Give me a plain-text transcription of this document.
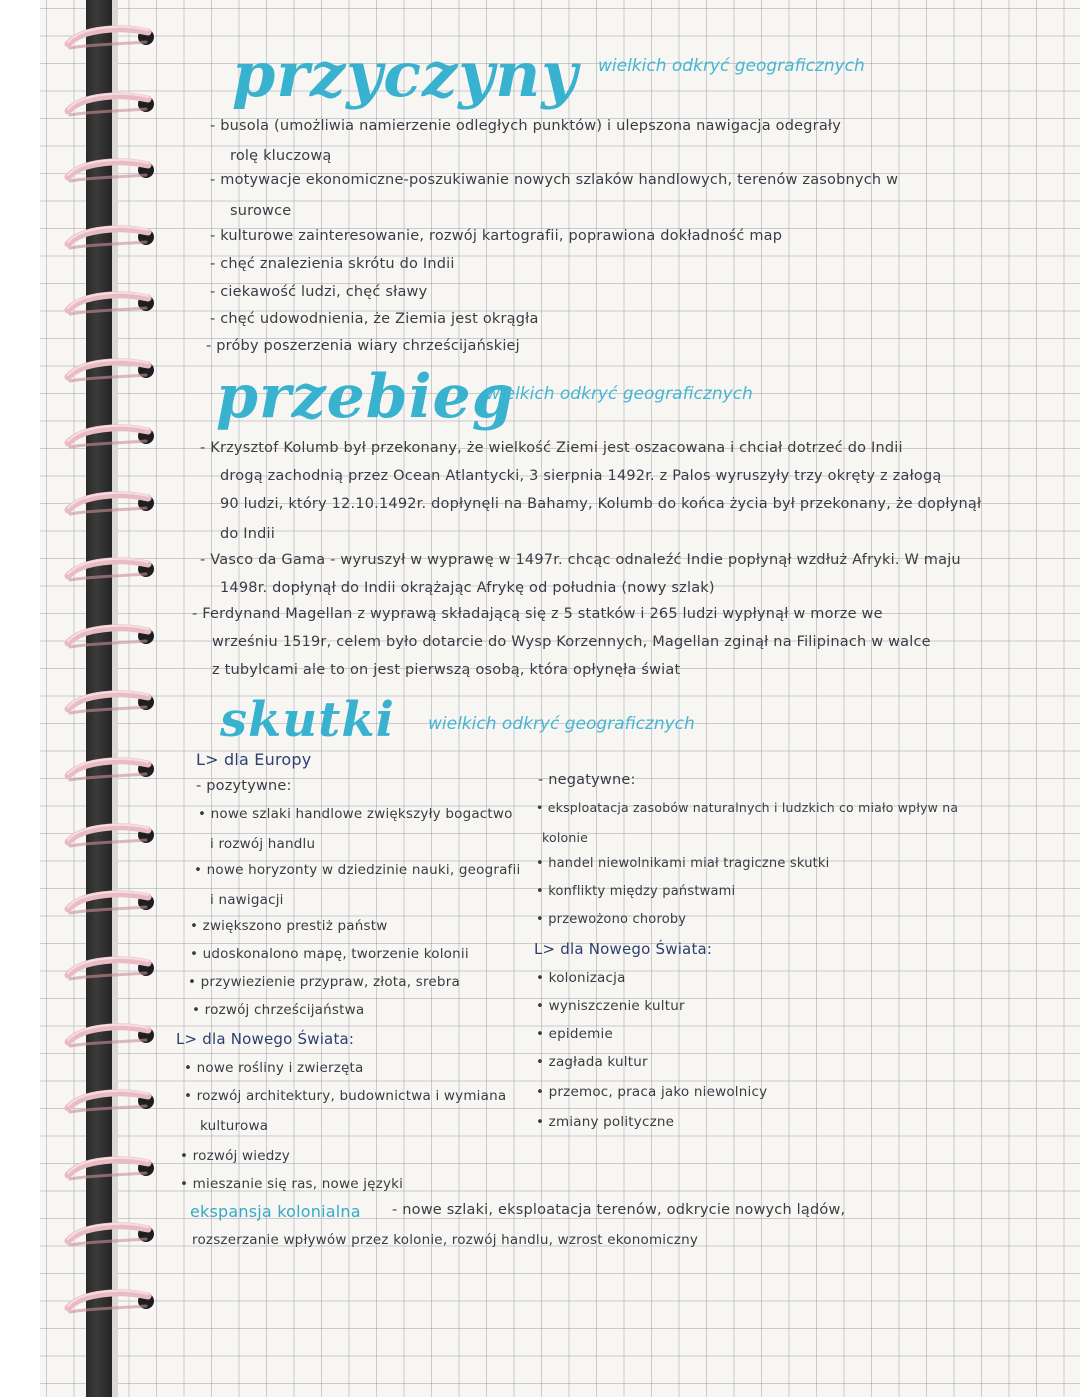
przyczyny wielkich odkryć geograficznych
- busola (umożliwia namierzenie odległych punktów) i ulepszona nawigacja odegrały
rolę kluczową
- motywacje ekonomiczne-poszukiwanie nowych szlaków handlowych, terenów zasobnych w
surowce
- kulturowe zainteresowanie, rozwój kartografii, poprawiona dokładność map
- chęć znalezienia skrótu do Indii
- ciekawość ludzi, chęć sławy
- chęć udowodnienia, że Ziemia jest okrągła
- próby poszerzenia wiary chrześcijańskiej
przebieg
wielkich odkryć geograficznych
- Krzysztof Kolumb był przekonany, że wielkość Ziemi jest oszacowana i chciał dotrzeć do Indii
drogą zachodnią przez Ocean Atlantycki, 3 sierpnia 1492r. z Palos wyruszyły trzy okręty z załogą
90 ludzi, który 12.10.1492r. dopłynęli na Bahamy, Kolumb do końca życia był przekonany, że dopłynął
do Indii
- Vasco da Gama - wyruszył w wyprawę w 1497r. chcąc odnaleźć Indie popłynął wzdłuż Afryki. W maju
1498r. dopłynął do Indii okrążając Afrykę od południa (nowy szlak)
- Ferdynand Magellan z wyprawą składającą się z 5 statków i 265 ludzi wypłynął w morze we
wrześniu 1519r, celem było dotarcie do Wysp Korzennych, Magellan zginął na Filipinach w walce
z tubylcami ale to on jest pierwszą osobą, która opłynęła świat
skutki wielkich odkryć geograficznych
L> dla Europy
- pozytywne:
• nowe szlaki handlowe zwiększyły bogactwo
i rozwój handlu
• nowe horyzonty w dziedzinie nauki, geografii
i nawigacji
• zwiększono prestiż państw
• udoskonalono mapę, tworzenie kolonii
• przywiezienie przypraw, złota, srebra
• rozwój chrześcijaństwa
L> dla Nowego Świata:
• nowe rośliny i zwierzęta
• rozwój architektury, budownictwa i wymiana
kulturowa
• rozwój wiedzy
• mieszanie się ras, nowe języki
- negatywne:
• eksploatacja zasobów naturalnych i ludzkich co miało wpływ na
kolonie
• handel niewolnikami miał tragiczne skutki
• konflikty między państwami
• przewożono choroby
L> dla Nowego Świata:
• kolonizacja
• wyniszczenie kultur
• epidemie
• zagłada kultur
• przemoc, praca jako niewolnicy
• zmiany polityczne
ekspansja kolonialna - nowe szlaki, eksploatacja terenów, odkrycie nowych lądów,
rozszerzanie wpływów przez kolonie, rozwój handlu, wzrost ekonomiczny
